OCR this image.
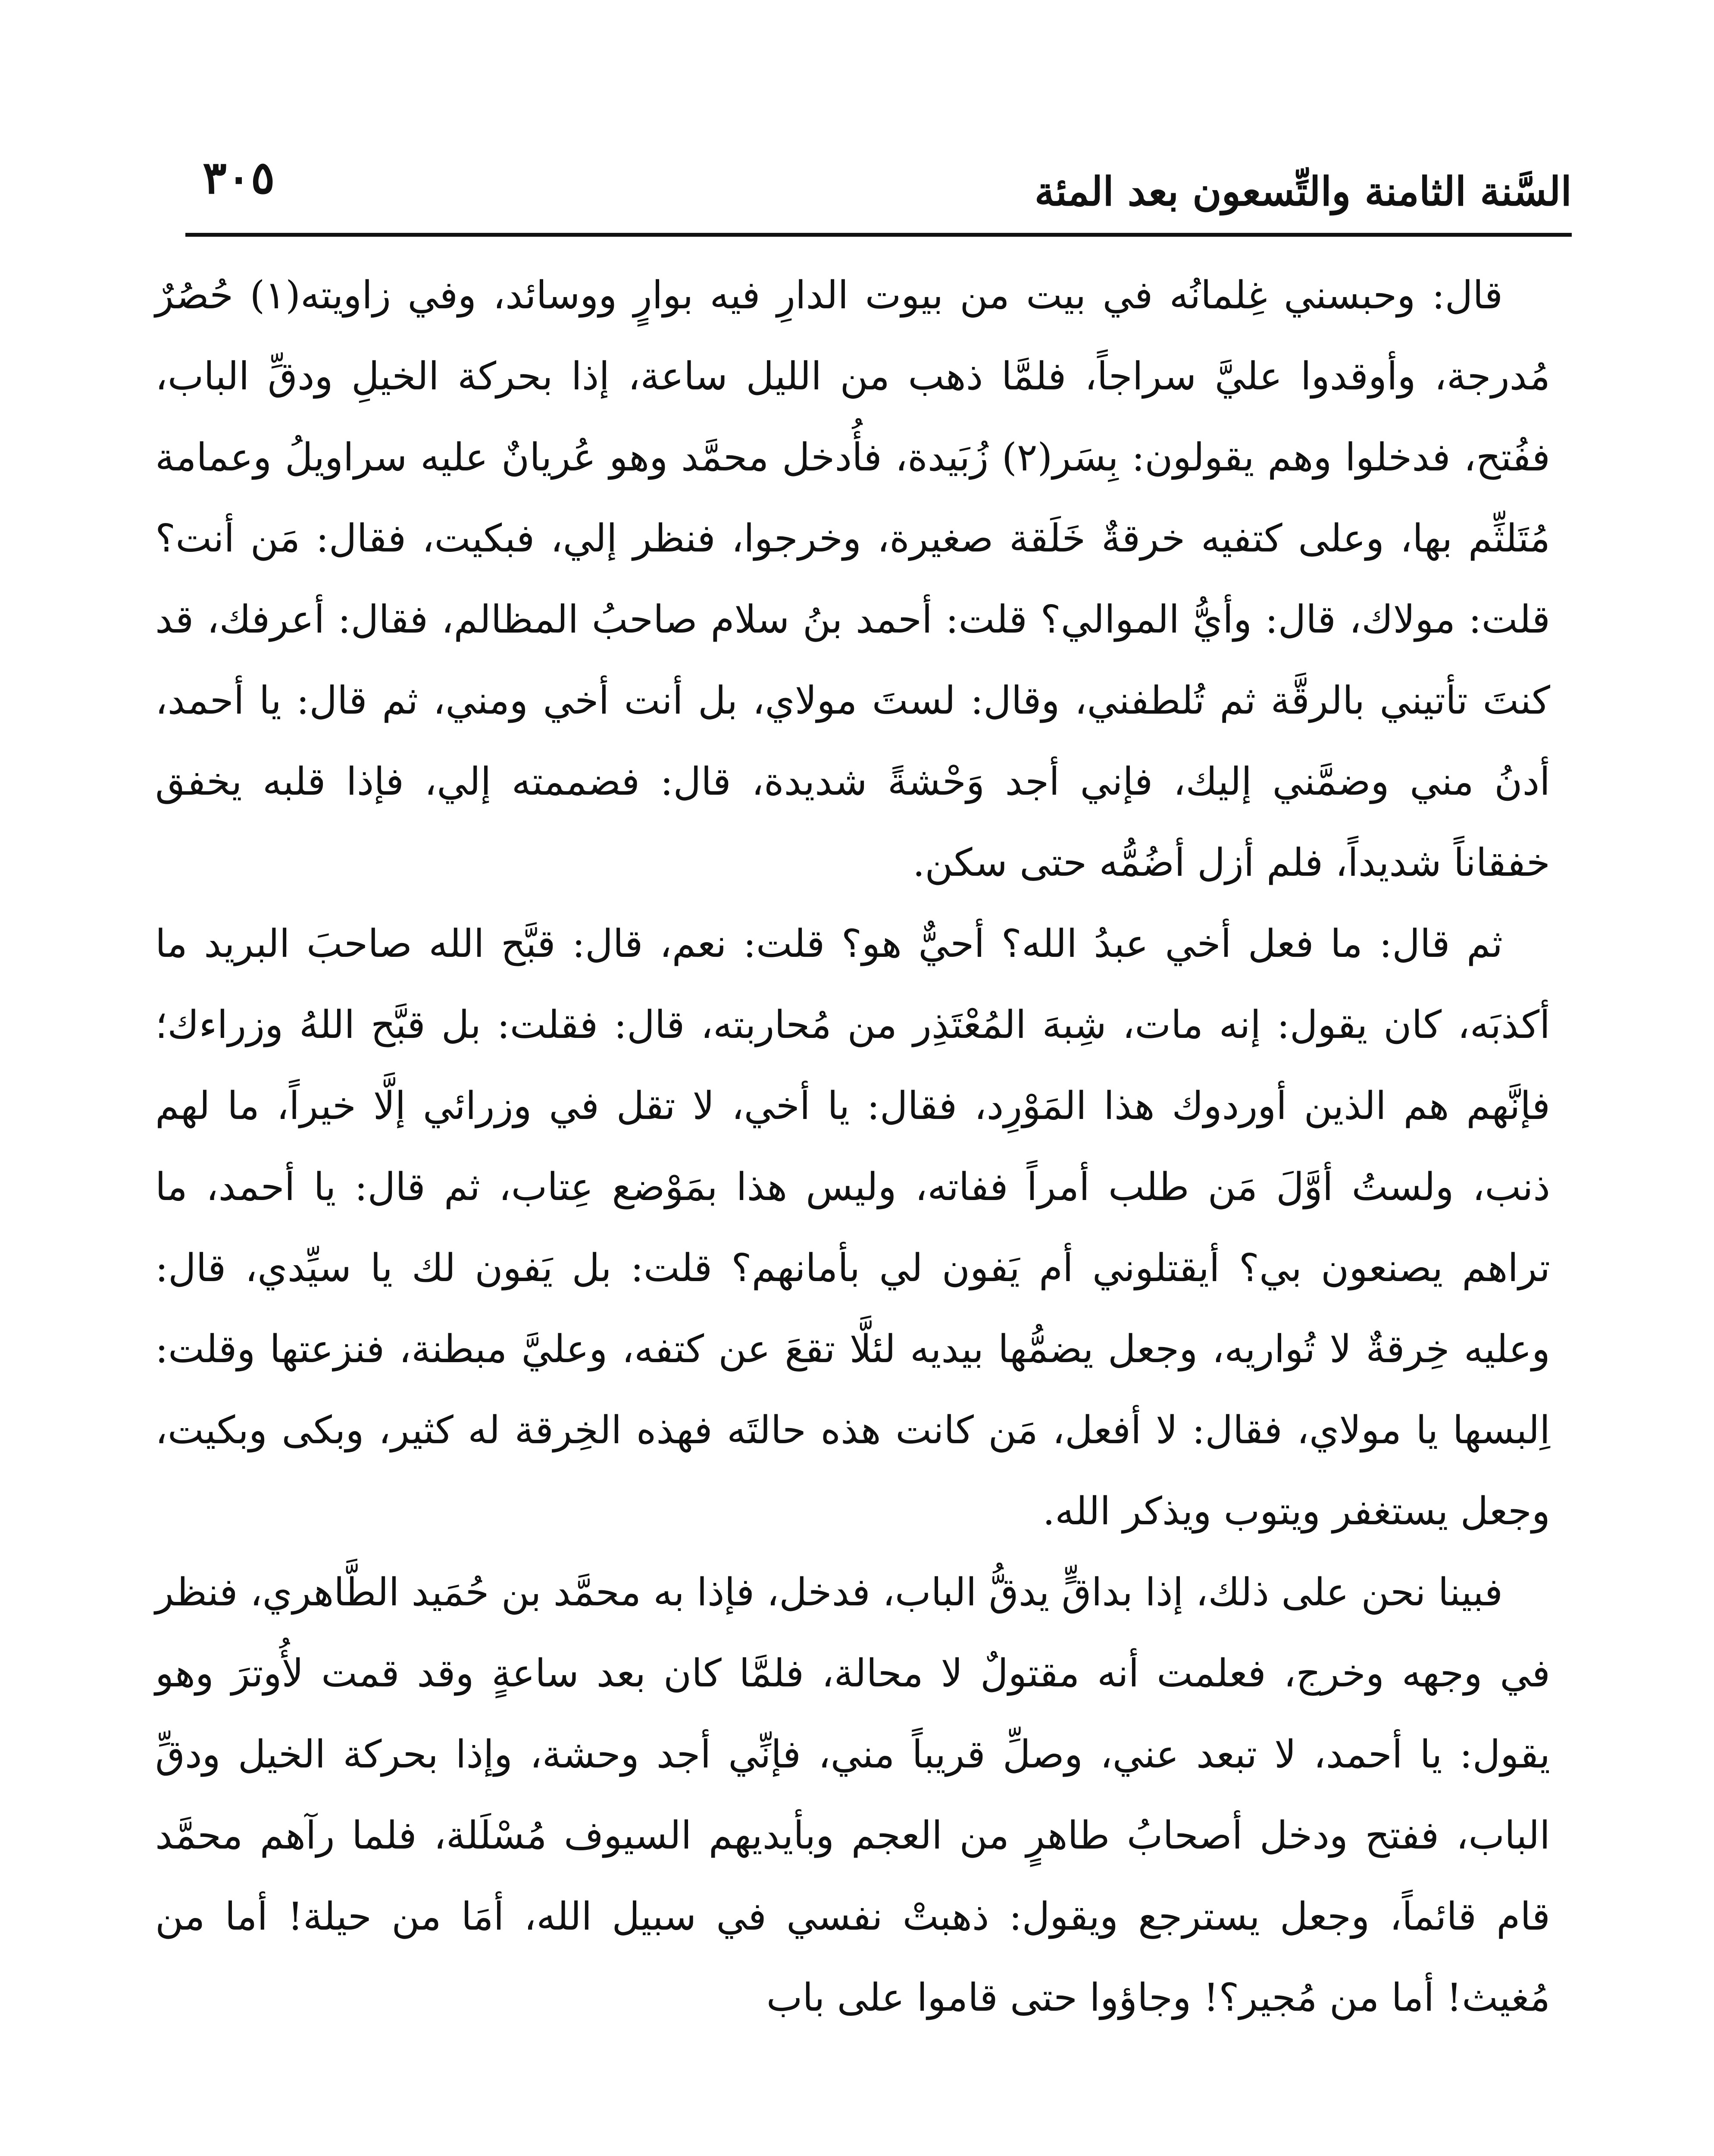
السَّنة الثامنة والتِّسعون بعد المئة
٣٠٥

قال: وحبسني غِلمانُه في بيت من بيوت الدارِ فيه بوارٍ ووسائد، وفي زاويته(١) حُصُرٌ مُدرجة، وأوقدوا عليَّ سراجاً، فلمَّا ذهب من الليل ساعة، إذا بحركة الخيلِ ودقِّ الباب، ففُتح، فدخلوا وهم يقولون: بِسَر(٢) زُبَيدة، فأُدخل محمَّد وهو عُريانٌ عليه سراويلُ وعمامة مُتَلثِّم بها، وعلى كتفيه خرقةٌ خَلَقة صغيرة، وخرجوا، فنظر إلي، فبكيت، فقال: مَن أنت؟ قلت: مولاك، قال: وأيُّ الموالي؟ قلت: أحمد بنُ سلام صاحبُ المظالم، فقال: أعرفك، قد كنتَ تأتيني بالرقَّة ثم تُلطفني، وقال: لستَ مولاي، بل أنت أخي ومني، ثم قال: يا أحمد، أدنُ مني وضمَّني إليك، فإني أجد وَحْشةً شديدة، قال: فضممته إلي، فإذا قلبه يخفق خفقاناً شديداً، فلم أزل أضُمُّه حتى سكن.

ثم قال: ما فعل أخي عبدُ الله؟ أحيٌّ هو؟ قلت: نعم، قال: قبَّح الله صاحبَ البريد ما أكذبَه، كان يقول: إنه مات، شِبهَ المُعْتَذِر من مُحاربته، قال: فقلت: بل قبَّح اللهُ وزراءك؛ فإنَّهم هم الذين أوردوك هذا المَوْرِد، فقال: يا أخي، لا تقل في وزرائي إلَّا خيراً، ما لهم ذنب، ولستُ أوَّلَ مَن طلب أمراً ففاته، وليس هذا بمَوْضع عِتاب، ثم قال: يا أحمد، ما تراهم يصنعون بي؟ أيقتلوني أم يَفون لي بأمانهم؟ قلت: بل يَفون لك يا سيِّدي، قال: وعليه خِرقةٌ لا تُواريه، وجعل يضمُّها بيديه لئلَّا تقعَ عن كتفه، وعليَّ مبطنة، فنزعتها وقلت: اِلبسها يا مولاي، فقال: لا أفعل، مَن كانت هذه حالتَه فهذه الخِرقة له كثير، وبكى وبكيت، وجعل يستغفر ويتوب ويذكر الله.

فبينا نحن على ذلك، إذا بداقٍّ يدقُّ الباب، فدخل، فإذا به محمَّد بن حُمَيد الطَّاهري، فنظر في وجهه وخرج، فعلمت أنه مقتولٌ لا محالة، فلمَّا كان بعد ساعةٍ وقد قمت لأُوترَ وهو يقول: يا أحمد، لا تبعد عني، وصلِّ قريباً مني، فإنِّي أجد وحشة، وإذا بحركة الخيل ودقِّ الباب، ففتح ودخل أصحابُ طاهرٍ من العجم وبأيديهم السيوف مُسْلَلة، فلما رآهم محمَّد قام قائماً، وجعل يسترجع ويقول: ذهبتْ نفسي في سبيل الله، أمَا من حيلة! أما من مُغيث! أما من مُجير؟! وجاؤوا حتى قاموا على باب
